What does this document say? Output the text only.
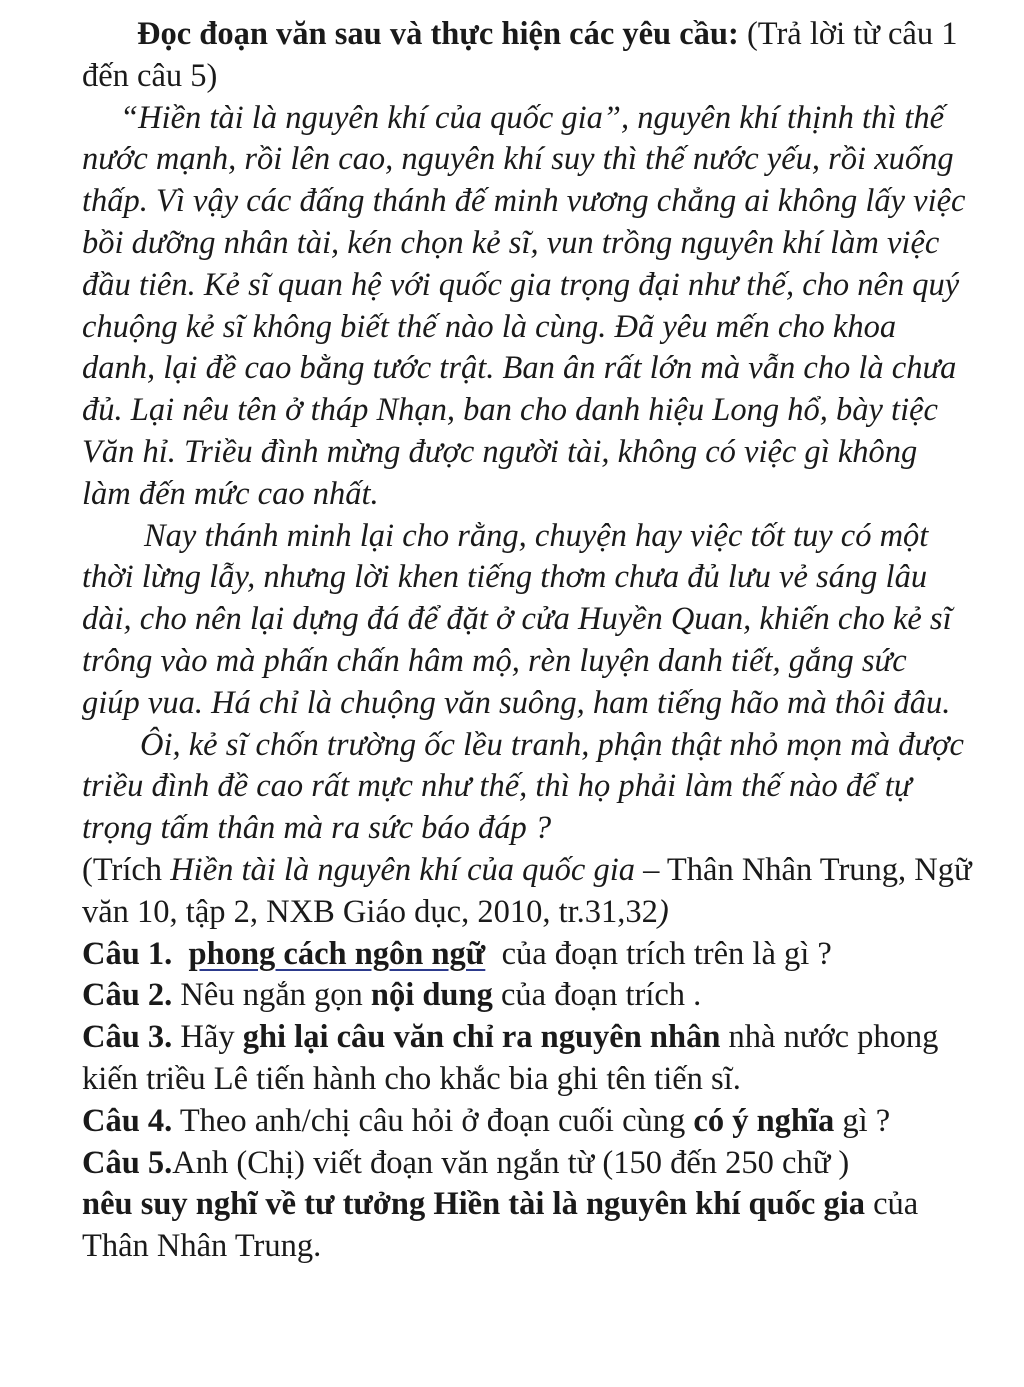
Đọc đoạn văn sau và thực hiện các yêu cầu: (Trả lời từ câu 1 đến câu 5)

“Hiền tài là nguyên khí của quốc gia”, nguyên khí thịnh thì thế nước mạnh, rồi lên cao, nguyên khí suy thì thế nước yếu, rồi xuống thấp. Vì vậy các đấng thánh đế minh vương chẳng ai không lấy việc bồi dưỡng nhân tài, kén chọn kẻ sĩ, vun trồng nguyên khí làm việc đầu tiên. Kẻ sĩ quan hệ với quốc gia trọng đại như thế, cho nên quý chuộng kẻ sĩ không biết thế nào là cùng. Đã yêu mến cho khoa danh, lại đề cao bằng tước trật. Ban ân rất lớn mà vẫn cho là chưa đủ. Lại nêu tên ở tháp Nhạn, ban cho danh hiệu Long hổ, bày tiệc Văn hỉ. Triều đình mừng được người tài, không có việc gì không làm đến mức cao nhất.

Nay thánh minh lại cho rằng, chuyện hay việc tốt tuy có một thời lừng lẫy, nhưng lời khen tiếng thơm chưa đủ lưu vẻ sáng lâu dài, cho nên lại dựng đá để đặt ở cửa Huyền Quan, khiến cho kẻ sĩ trông vào mà phấn chấn hâm mộ, rèn luyện danh tiết, gắng sức giúp vua. Há chỉ là chuộng văn suông, ham tiếng hão mà thôi đâu.

Ôi, kẻ sĩ chốn trường ốc lều tranh, phận thật nhỏ mọn mà được triều đình đề cao rất mực như thế, thì họ phải làm thế nào để tự trọng tấm thân mà ra sức báo đáp ?

(Trích Hiền tài là nguyên khí của quốc gia – Thân Nhân Trung, Ngữ văn 10, tập 2, NXB Giáo dục, 2010, tr.31,32)

Câu 1. phong cách ngôn ngữ  của đoạn trích trên là gì ?

Câu 2. Nêu ngắn gọn nội dung của đoạn trích .

Câu 3. Hãy ghi lại câu văn chỉ ra nguyên nhân nhà nước phong kiến triều Lê tiến hành cho khắc bia ghi tên tiến sĩ.

Câu 4. Theo anh/chị câu hỏi ở đoạn cuối cùng có ý nghĩa gì ?

Câu 5.Anh (Chị) viết đoạn văn ngắn từ (150 đến 250 chữ )
nêu suy nghĩ về tư tưởng Hiền tài là nguyên khí quốc gia của Thân Nhân Trung.
